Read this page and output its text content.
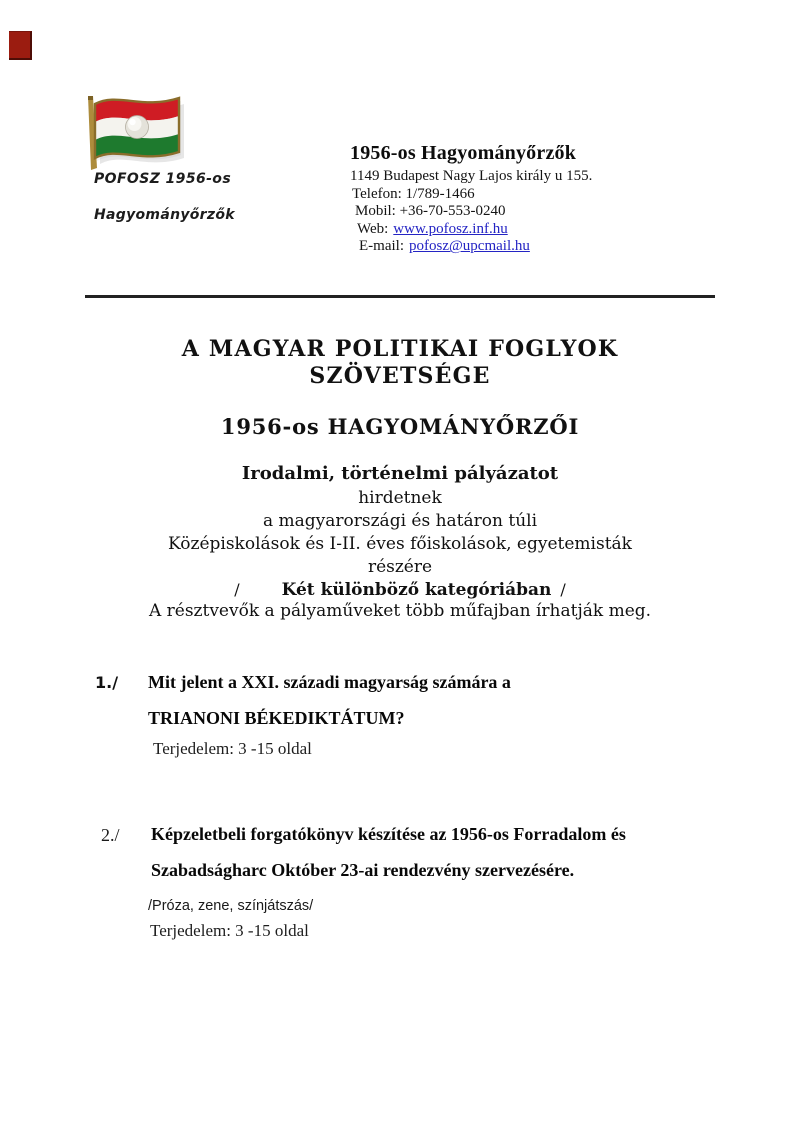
POFOSZ 1956-os
Hagyományőrzők
1956-os Hagyományőrzők
1149 Budapest Nagy Lajos király u 155.
Telefon: 1/789-1466
Mobil: +36-70-553-0240
Web: www.pofosz.inf.hu
E-mail: pofosz@upcmail.hu
A MAGYAR POLITIKAI FOGLYOK
SZÖVETSÉGE
1956-os HAGYOMÁNYŐRZŐI
Irodalmi, történelmi pályázatot
hirdetnek
a magyarországi és határon túli
Középiskolások és I-II. éves főiskolások, egyetemisták
részére
/ Két különböző kategóriában /
A résztvevők a pályaműveket több műfajban írhatják meg.
1./ Mit jelent a XXI. századi magyarság számára a
TRIANONI BÉKEDIKTÁTUM?
Terjedelem: 3 -15 oldal
2./ Képzeletbeli forgatókönyv készítése az 1956-os Forradalom és
Szabadságharc Október 23-ai rendezvény szervezésére.
/Próza, zene, színjátszás/
Terjedelem: 3 -15 oldal
